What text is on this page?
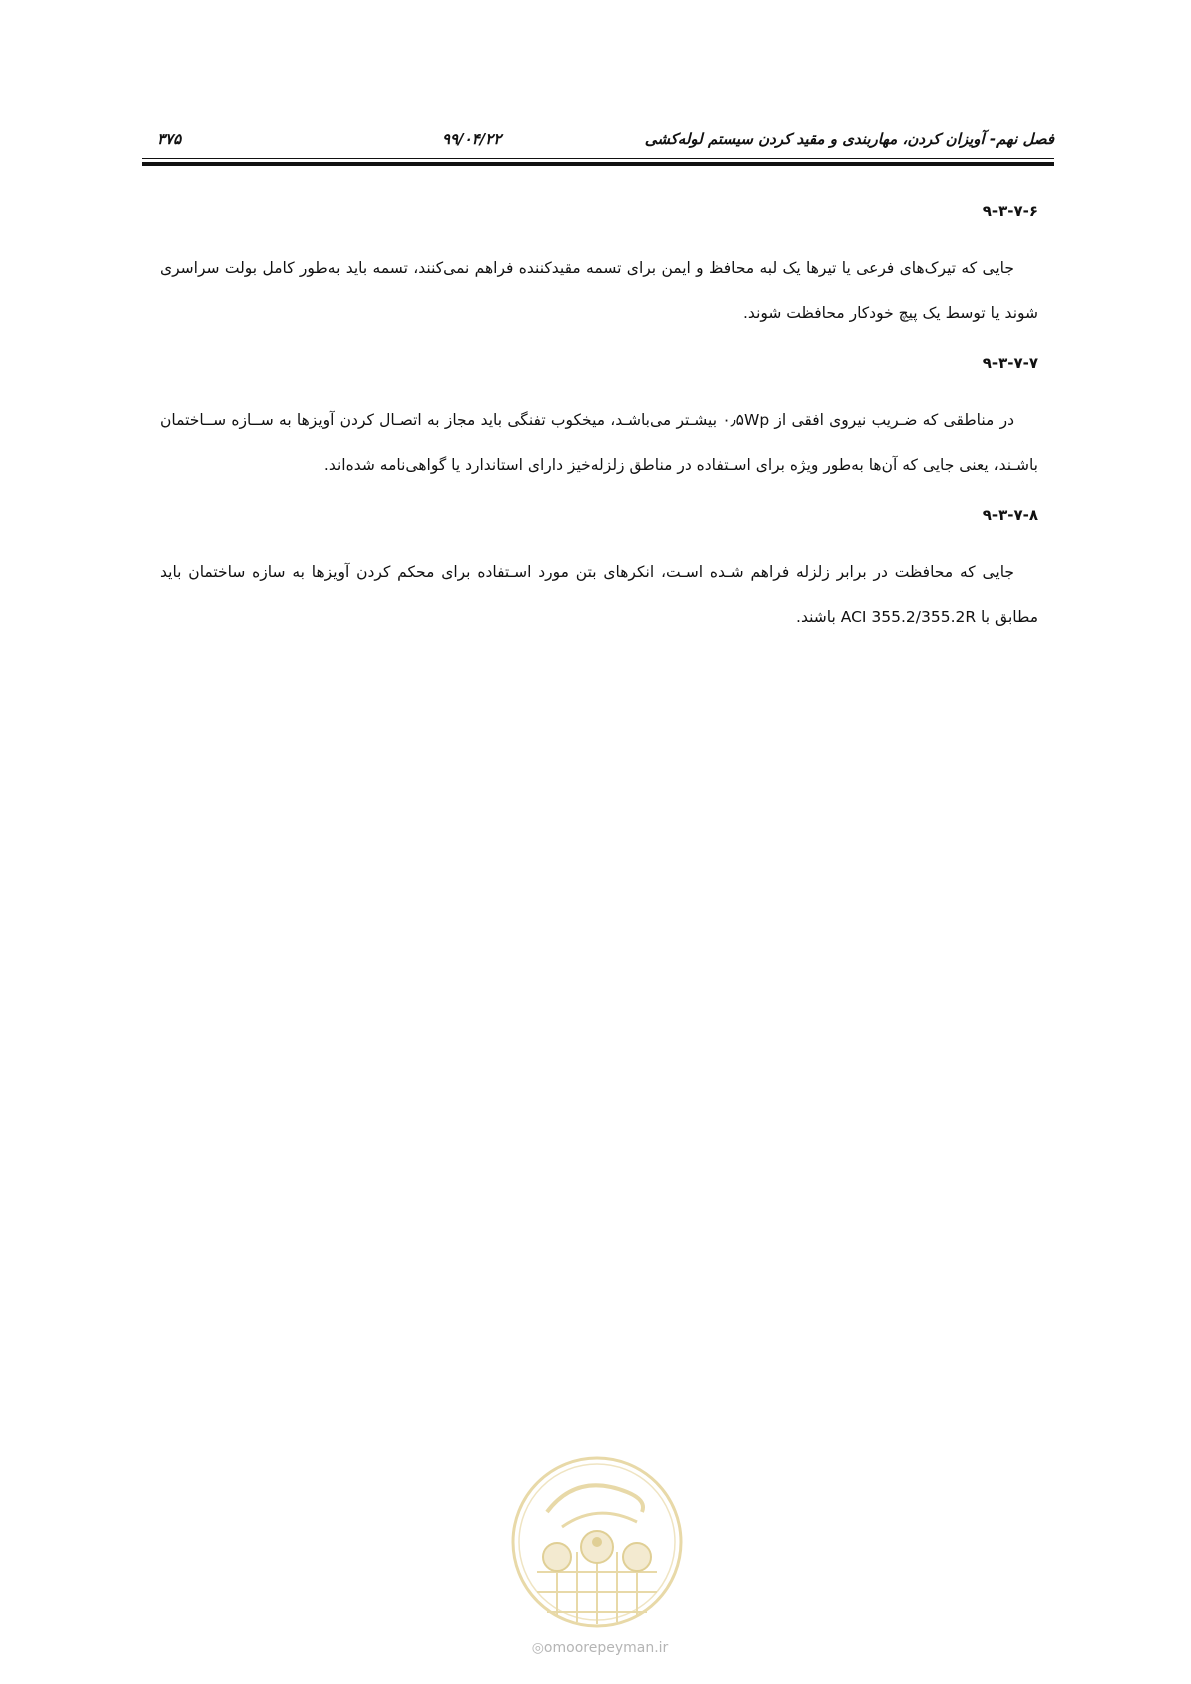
فصل نهم- آویزان کردن، مهاربندی و مقید کردن سیستم لوله‌کشی
۹۹/۰۴/۲۲
۳۷۵
۹-۳-۷-۶

جایی که تیرک‌های فرعی یا تیرها یک لبه محافظ و ایمن برای تسمه مقیدکننده فراهم نمی‌کنند، تسمه باید به‌طور کامل بولت سراسری شوند یا توسط یک پیچ خودکار محافظت شوند.

۹-۳-۷-۷

در مناطقی که ضـریب نیروی افقی از ۰٫۵Wp بیشـتر می‌باشـد، میخکوب تفنگی باید مجاز به اتصـال کردن آویزها به ســازه ســاختمان باشـند، یعنی جایی که آن‌ها به‌طور ویژه برای اسـتفاده در مناطق زلزله‌خیز دارای استاندارد یا گواهی‌نامه شده‌اند.

۹-۳-۷-۸

جایی که محافظت در برابر زلزله فراهم شـده اسـت، انکرهای بتن مورد اسـتفاده برای محکم کردن آویزها به سازه ساختمان باید مطابق با ACI 355.2/355.2R باشند.

◎omoorepeyman.ir
